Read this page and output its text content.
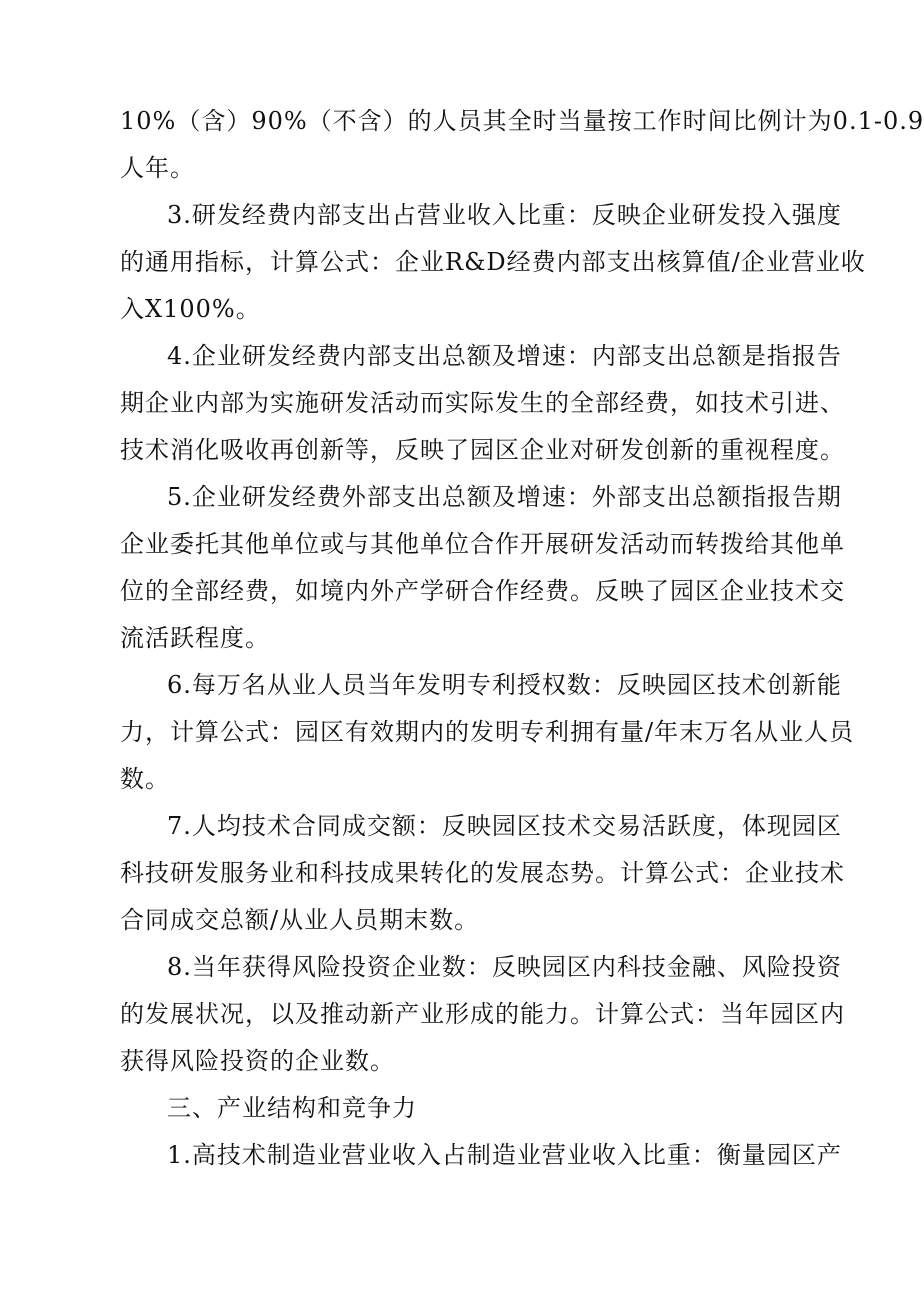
10%（含）90%（不含）的人员其全时当量按工作时间比例计为0.1-0.9
人年。
3.研发经费内部支出占营业收入比重：反映企业研发投入强度
的通用指标，计算公式：企业R&D经费内部支出核算值/企业营业收
入X100%。
4.企业研发经费内部支出总额及增速：内部支出总额是指报告
期企业内部为实施研发活动而实际发生的全部经费，如技术引进、
技术消化吸收再创新等，反映了园区企业对研发创新的重视程度。
5.企业研发经费外部支出总额及增速：外部支出总额指报告期
企业委托其他单位或与其他单位合作开展研发活动而转拨给其他单
位的全部经费，如境内外产学研合作经费。反映了园区企业技术交
流活跃程度。
6.每万名从业人员当年发明专利授权数：反映园区技术创新能
力，计算公式：园区有效期内的发明专利拥有量/年末万名从业人员
数。
7.人均技术合同成交额：反映园区技术交易活跃度，体现园区
科技研发服务业和科技成果转化的发展态势。计算公式：企业技术
合同成交总额/从业人员期末数。
8.当年获得风险投资企业数：反映园区内科技金融、风险投资
的发展状况，以及推动新产业形成的能力。计算公式：当年园区内
获得风险投资的企业数。
三、产业结构和竞争力
1.高技术制造业营业收入占制造业营业收入比重：衡量园区产
